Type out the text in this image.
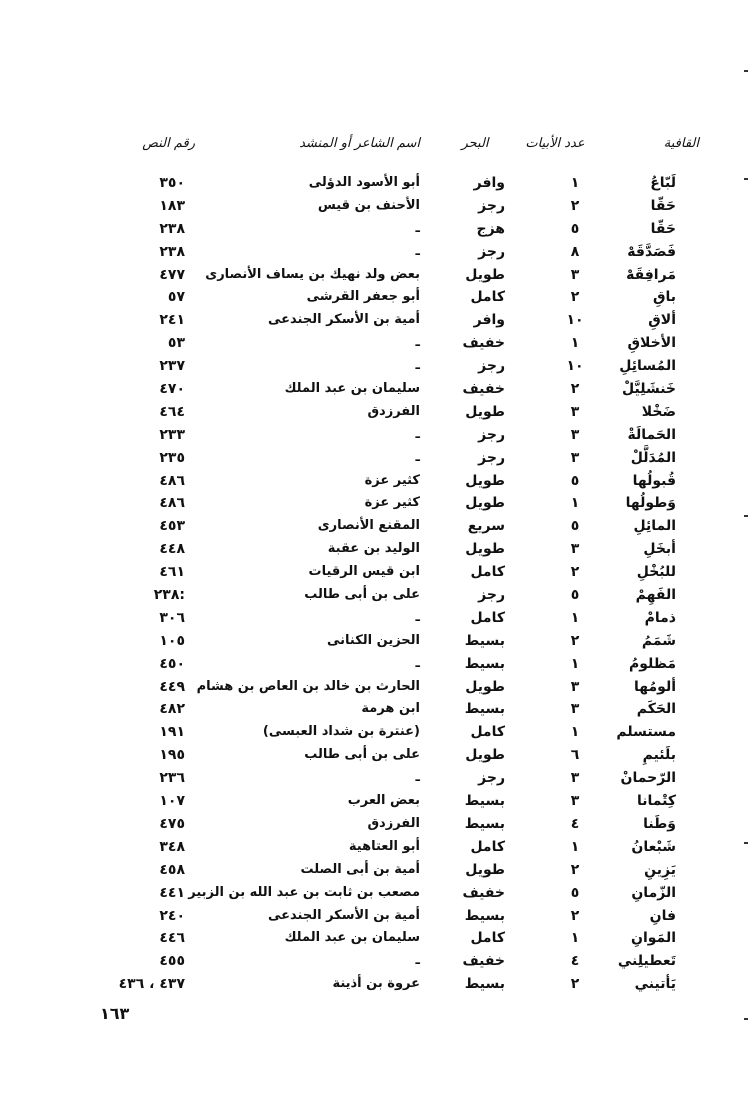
القافية
عدد الأبيات
البحر
اسم الشاعر أو المنشد
رقم النص
لَبّاعُ
١
وافر
أبو الأسود الدؤلى
٣٥٠
حَقّا
٢
رجز
الأحنف بن قيس
١٨٣
حَقّا
٥
هزج
ـ
٢٣٨
فَصَدَّقَهْ
٨
رجز
ـ
٢٣٨
مَرافِقَهْ
٣
طويل
بعض ولد نهيك بن يساف الأنصارى
٤٧٧
باقِ
٢
كامل
أبو جعفر القرشى
٥٧
ألاقِ
١٠
وافر
أمية بن الأسكر الجندعى
٢٤١
الأخلاقِ
١
خفيف
ـ
٥٣
المُسائِلِ
١٠
رجز
ـ
٢٣٧
خَنشَلِيَّلْ
٢
خفيف
سليمان بن عبد الملك
٤٧٠
ضَخْلا
٣
طويل
الفرزدق
٤٦٤
الحَمالَةْ
٣
رجز
ـ
٢٣٣
المُدَلَّلْ
٣
رجز
ـ
٢٣٥
قُبولُها
٥
طويل
كثير عزة
٤٨٦
وَطولُها
١
طويل
كثير عزة
٤٨٦
المائِلِ
٥
سريع
المقنع الأنصارى
٤٥٣
أبخَلِ
٣
طويل
الوليد بن عقبة
٤٤٨
للبُخْلِ
٢
كامل
ابن قيس الرقيات
٤٦١
الفَهِمْ
٥
رجز
على بن أبى طالب
٢٣٨:
ذمامْ
١
كامل
ـ
٣٠٦
شَمَمُ
٢
بسيط
الحزين الكنانى
١٠٥
مَظلومُ
١
بسيط
ـ
٤٥٠
ألومُها
٣
طويل
الحارث بن خالد بن العاص بن هشام
٤٤٩
الحَكَم
٣
بسيط
ابن هرمة
٤٨٢
مستسلم
١
كامل
(عنترة بن شداد العبسى)
١٩١
بلَئيمِ
٦
طويل
على بن أبى طالب
١٩٥
الرّحمانْ
٣
رجز
ـ
٢٣٦
كِتْمانا
٣
بسيط
بعض العرب
١٠٧
وَطَنا
٤
بسيط
الفرزدق
٤٧٥
شَبْعانُ
١
كامل
أبو العتاهية
٣٤٨
يَزِينِ
٢
طويل
أمية بن أبى الصلت
٤٥٨
الزّمانِ
٥
خفيف
مصعب بن ثابت بن عبد الله بن الزبير
٤٤١
فانِ
٢
بسيط
أمية بن الأسكر الجندعى
٢٤٠
المَوانِ
١
كامل
سليمان بن عبد الملك
٤٤٦
تَعطيلِني
٤
خفيف
ـ
٤٥٥
يَأتيني
٢
بسيط
عروة بن أذينة
٤٣٧ ، ٤٣٦
١٦٣
